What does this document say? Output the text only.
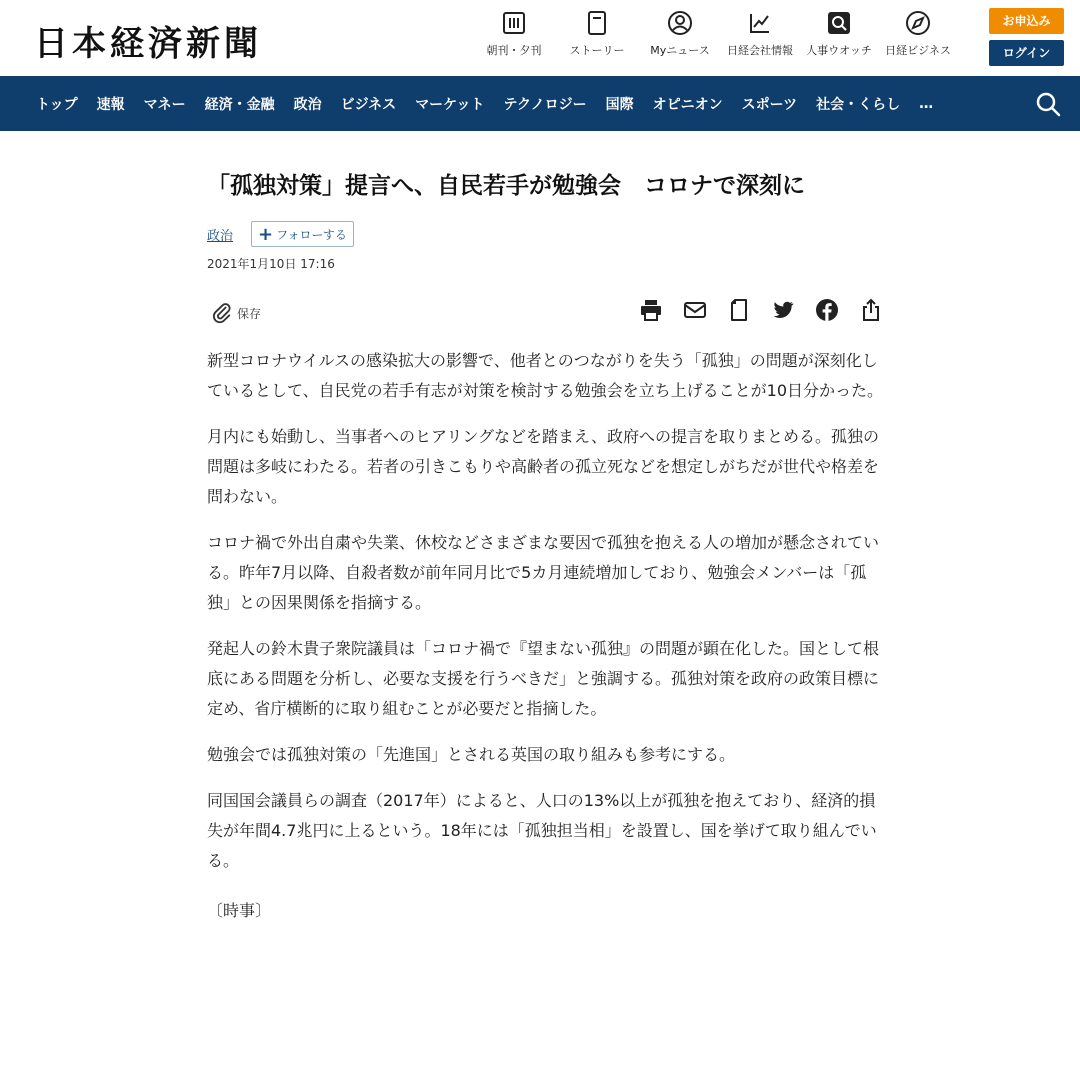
日本経済新聞	朝刊・夕刊	ストーリー Myニュース 日経会社情報 人事ウオッチ 日経ビジネス
お申込み
ログイン
トップ 速報 マネー 経済・金融 政治 ビジネス マーケット テクノロジー 国際 オピニオン スポーツ 社会・くらし …
「孤独対策」提言へ、自民若手が勉強会　コロナで深刻に
政治 + フォローする
2021年1月10日 17:16
保存

新型コロナウイルスの感染拡大の影響で、他者とのつながりを失う「孤独」の問題が深刻化しているとして、自民党の若手有志が対策を検討する勉強会を立ち上げることが10日分かった。

月内にも始動し、当事者へのヒアリングなどを踏まえ、政府への提言を取りまとめる。孤独の問題は多岐にわたる。若者の引きこもりや高齢者の孤立死などを想定しがちだが世代や格差を問わない。

コロナ禍で外出自粛や失業、休校などさまざまな要因で孤独を抱える人の増加が懸念されている。昨年7月以降、自殺者数が前年同月比で5カ月連続増加しており、勉強会メンバーは「孤独」との因果関係を指摘する。

発起人の鈴木貴子衆院議員は「コロナ禍で『望まない孤独』の問題が顕在化した。国として根底にある問題を分析し、必要な支援を行うべきだ」と強調する。孤独対策を政府の政策目標に定め、省庁横断的に取り組むことが必要だと指摘した。

勉強会では孤独対策の「先進国」とされる英国の取り組みも参考にする。

同国国会議員らの調査（2017年）によると、人口の13%以上が孤独を抱えており、経済的損失が年間4.7兆円に上るという。18年には「孤独担当相」を設置し、国を挙げて取り組んでいる。

〔時事〕
